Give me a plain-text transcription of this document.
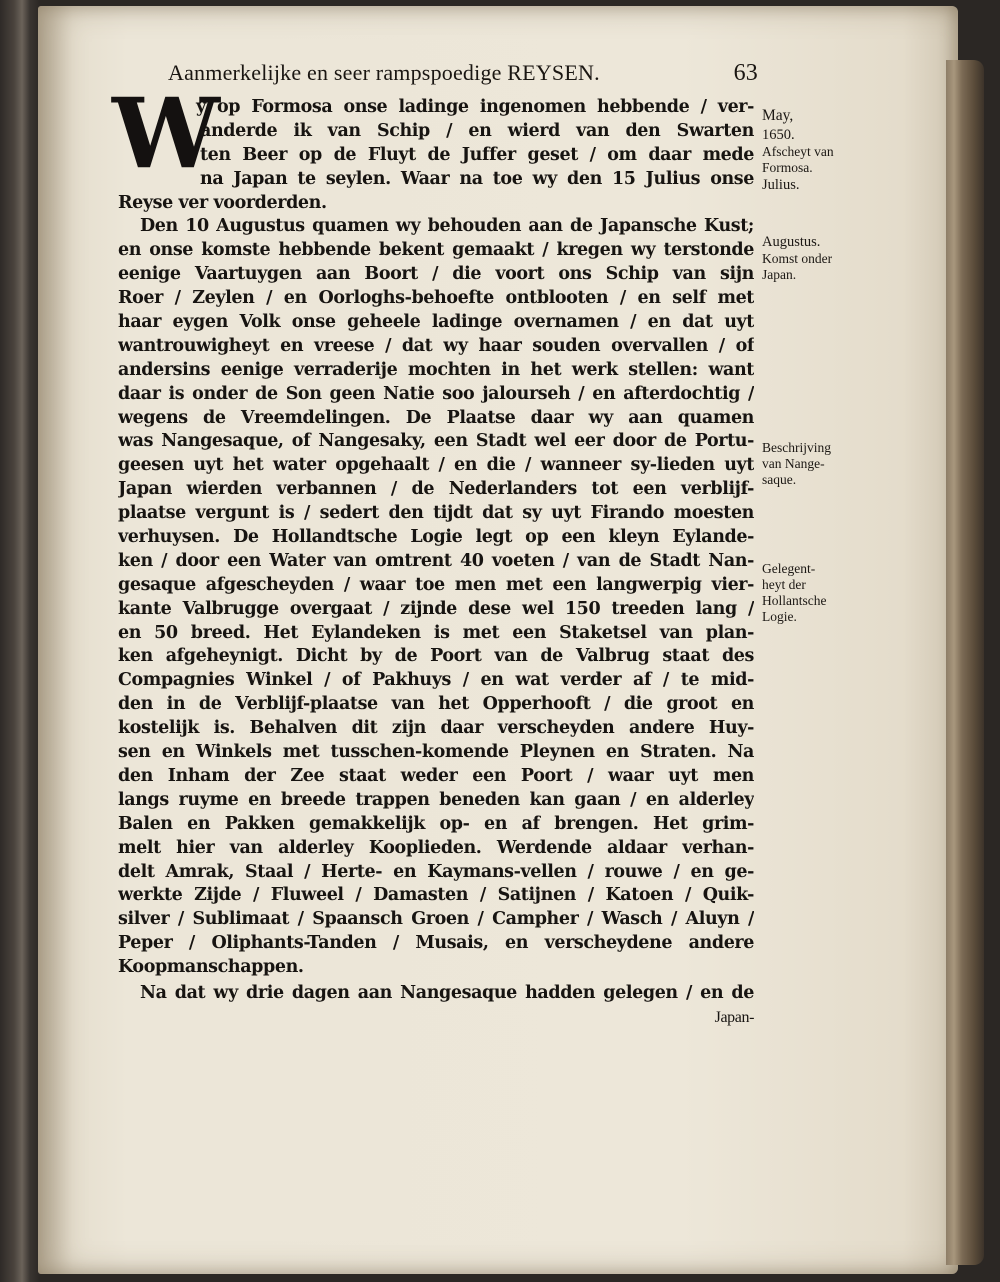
Aanmerkelijke en seer rampspoedige REYSEN.	63
W
y op Formosa onse ladinge ingenomen hebbende / ver-
anderde ik van Schip / en wierd van den Swarten
ten Beer op de Fluyt de Juffer geset / om daar mede
na Japan te seylen. Waar na toe wy den 15 Julius onse
Reyse ver voorderden.
Den 10 Augustus quamen wy behouden aan de Japansche Kust;
en onse komste hebbende bekent gemaakt / kregen wy terstonde
eenige Vaartuygen aan Boort / die voort ons Schip van sijn
Roer / Zeylen / en Oorloghs-behoefte ontblooten / en self met
haar eygen Volk onse geheele ladinge overnamen / en dat uyt
wantrouwigheyt en vreese / dat wy haar souden overvallen / of
andersins eenige verraderije mochten in het werk stellen: want
daar is onder de Son geen Natie soo jalourseh / en afterdochtig /
wegens de Vreemdelingen. De Plaatse daar wy aan quamen
was Nangesaque, of Nangesaky, een Stadt wel eer door de Portu-
geesen uyt het water opgehaalt / en die / wanneer sy-lieden uyt
Japan wierden verbannen / de Nederlanders tot een verblijf-
plaatse vergunt is / sedert den tijdt dat sy uyt Firando moesten
verhuysen. De Hollandtsche Logie legt op een kleyn Eylande-
ken / door een Water van omtrent 40 voeten / van de Stadt Nan-
gesaque afgescheyden / waar toe men met een langwerpig vier-
kante Valbrugge overgaat / zijnde dese wel 150 treeden lang /
en 50 breed. Het Eylandeken is met een Staketsel van plan-
ken afgeheynigt. Dicht by de Poort van de Valbrug staat des
Compagnies Winkel / of Pakhuys / en wat verder af / te mid-
den in de Verblijf-plaatse van het Opperhooft / die groot en
kostelijk is. Behalven dit zijn daar verscheyden andere Huy-
sen en Winkels met tusschen-komende Pleynen en Straten. Na
den Inham der Zee staat weder een Poort / waar uyt men
langs ruyme en breede trappen beneden kan gaan / en alderley
Balen en Pakken gemakkelijk op- en af brengen. Het grim-
melt hier van alderley Kooplieden. Werdende aldaar verhan-
delt Amrak, Staal / Herte- en Kaymans-vellen / rouwe / en ge-
werkte Zijde / Fluweel / Damasten / Satijnen / Katoen / Quik-
silver / Sublimaat / Spaansch Groen / Campher / Wasch / Aluyn /
Peper / Oliphants-Tanden / Musais, en verscheydene andere
Koopmanschappen.
Na dat wy drie dagen aan Nangesaque hadden gelegen / en de
Japan-
May,
1650.
Afscheyt van
Formosa.
Julius.
Augustus.
Komst onder
Japan.
Beschrijving
van Nange-
saque.
Gelegent-
heyt der
Hollantsche
Logie.
